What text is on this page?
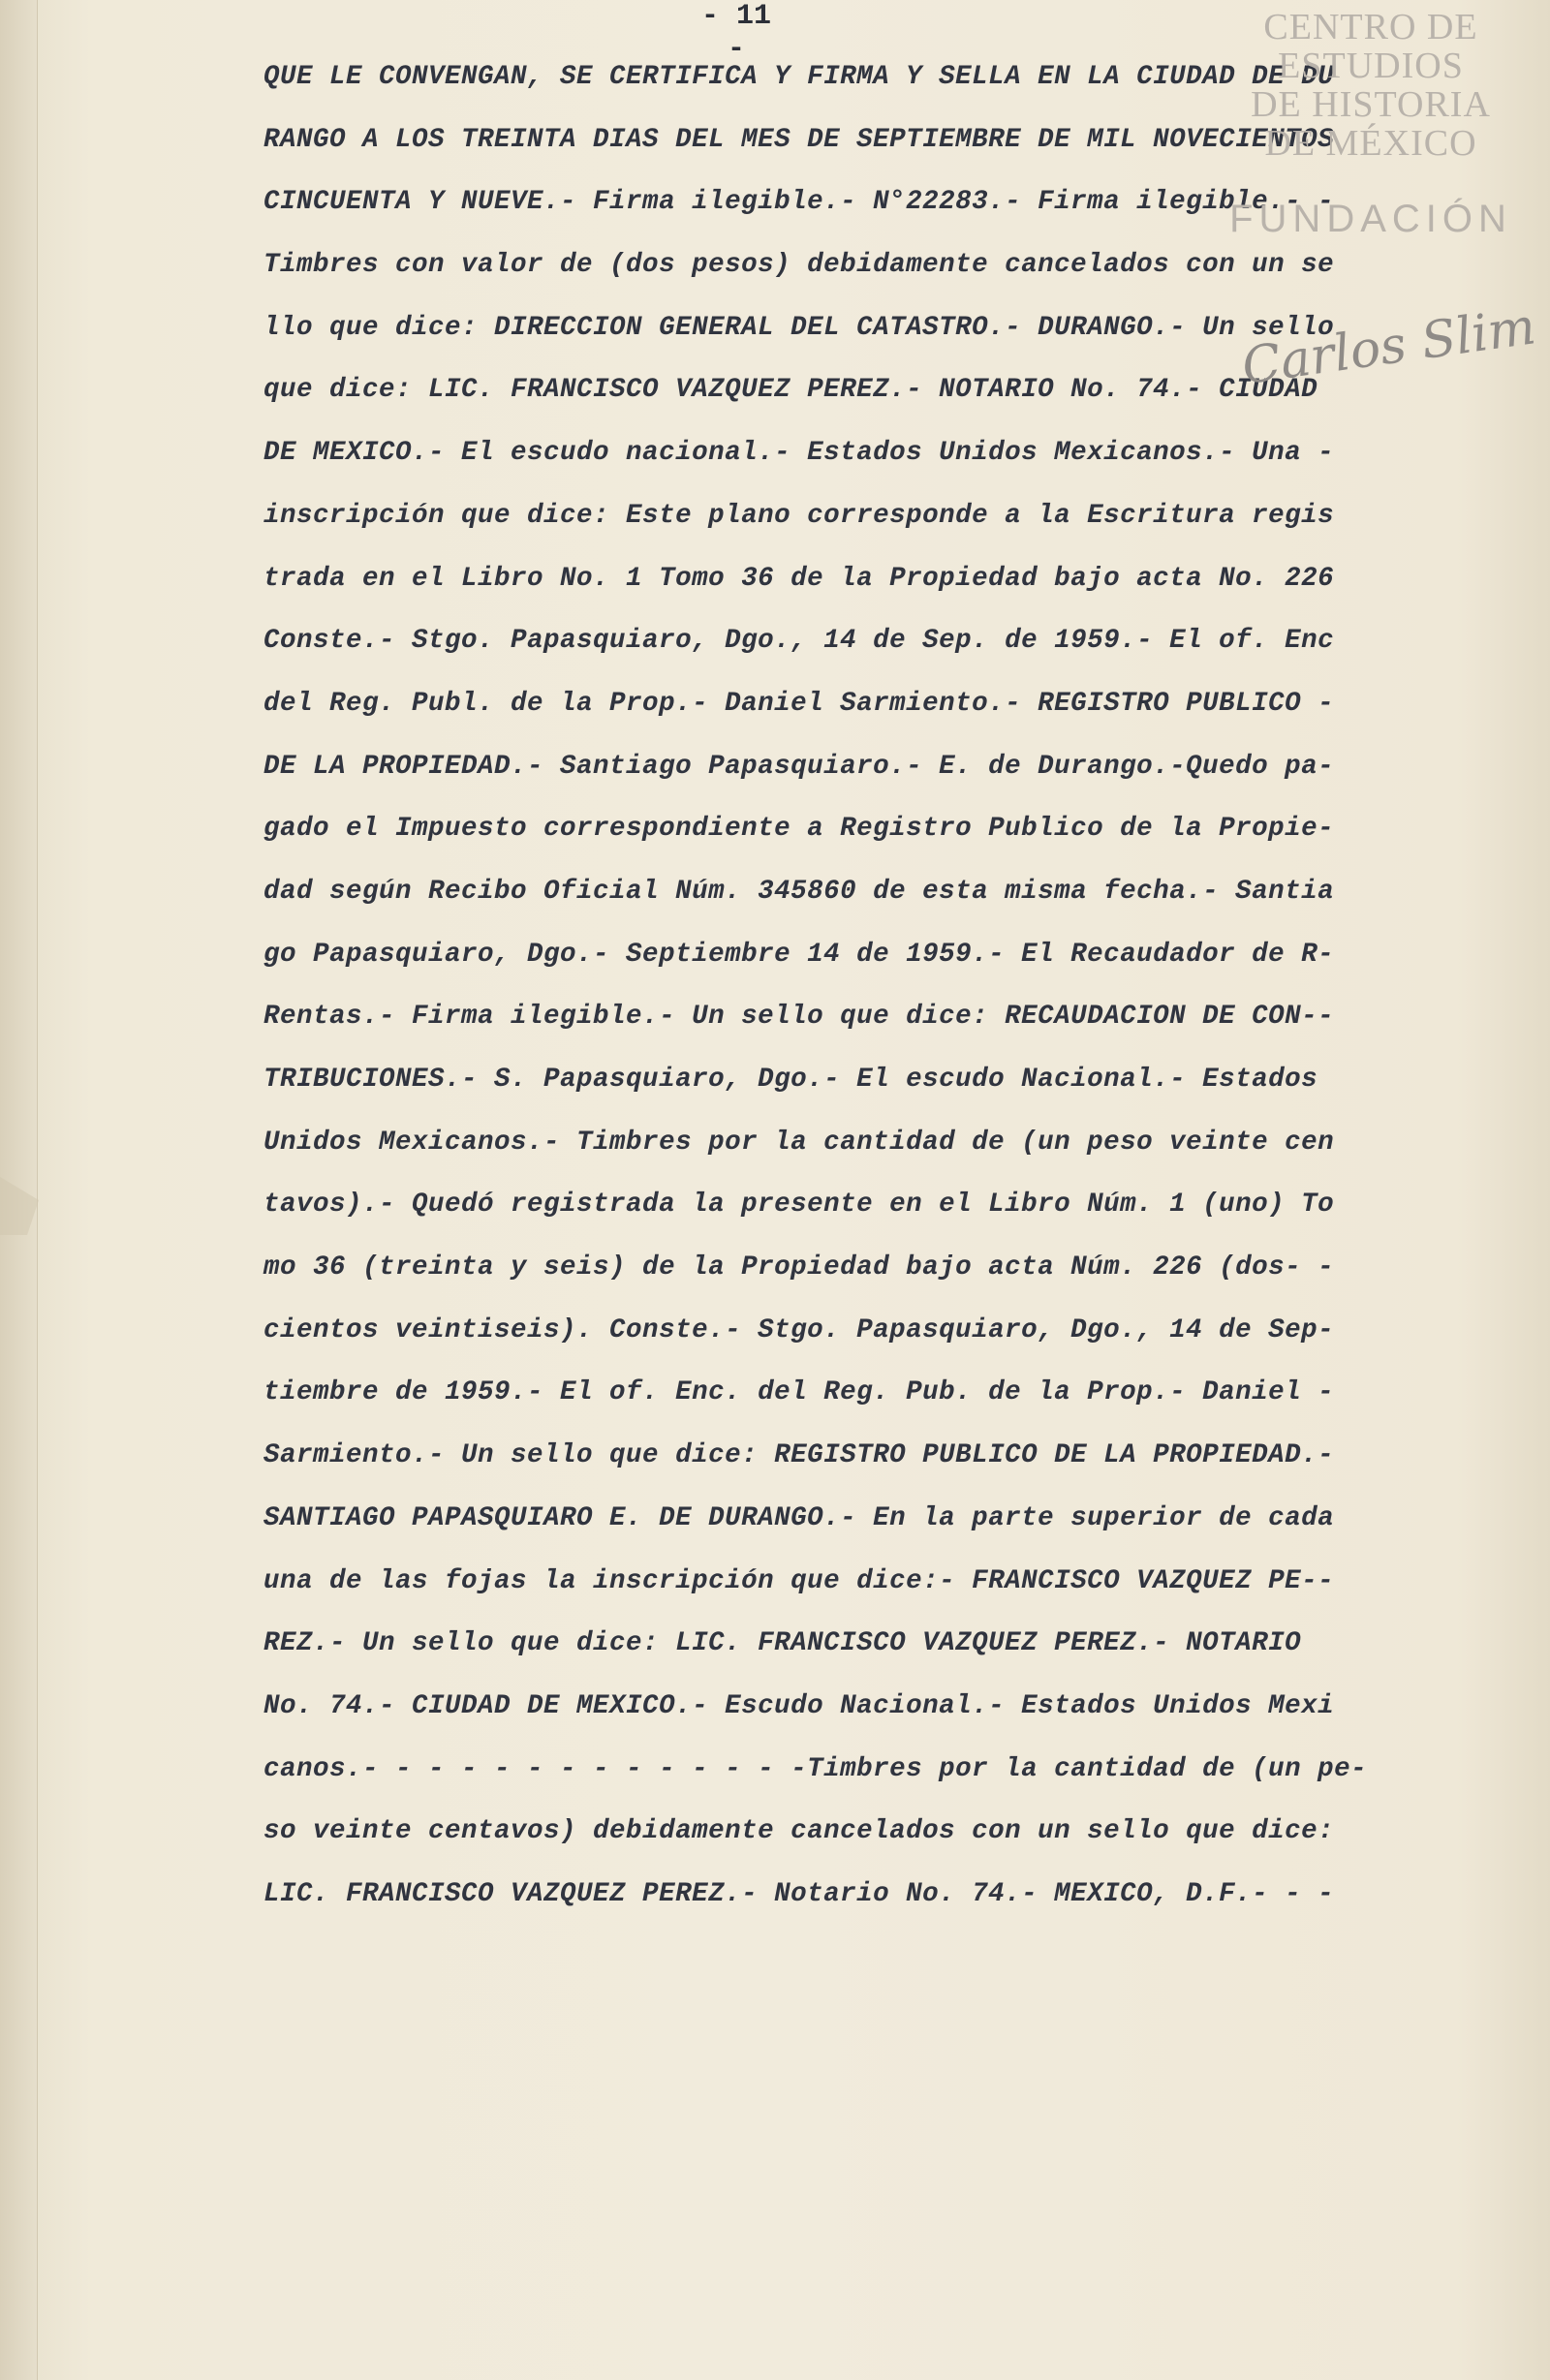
- 11 -
QUE LE CONVENGAN, SE CERTIFICA Y FIRMA Y SELLA EN LA CIUDAD DE DU
RANGO A LOS TREINTA DIAS DEL MES DE SEPTIEMBRE DE MIL NOVECIENTOS
CINCUENTA Y NUEVE.- Firma ilegible.- N°22283.- Firma ilegible.- -
Timbres con valor de (dos pesos) debidamente cancelados con un se
llo que dice: DIRECCION GENERAL DEL CATASTRO.- DURANGO.- Un sello
que dice: LIC. FRANCISCO VAZQUEZ PEREZ.- NOTARIO No. 74.- CIUDAD
DE MEXICO.- El escudo nacional.- Estados Unidos Mexicanos.- Una -
inscripción que dice: Este plano corresponde a la Escritura regis
trada en el Libro No. 1 Tomo 36 de la Propiedad bajo acta No. 226
Conste.- Stgo. Papasquiaro, Dgo., 14 de Sep. de 1959.- El of. Enc
del Reg. Publ. de la Prop.- Daniel Sarmiento.- REGISTRO PUBLICO -
DE LA PROPIEDAD.- Santiago Papasquiaro.- E. de Durango.-Quedo pa-
gado el Impuesto correspondiente a Registro Publico de la Propie-
dad según Recibo Oficial Núm. 345860 de esta misma fecha.- Santia
go Papasquiaro, Dgo.- Septiembre 14 de 1959.- El Recaudador de R-
Rentas.- Firma ilegible.- Un sello que dice: RECAUDACION DE CON--
TRIBUCIONES.- S. Papasquiaro, Dgo.- El escudo Nacional.- Estados
Unidos Mexicanos.- Timbres por la cantidad de (un peso veinte cen
tavos).- Quedó registrada la presente en el Libro Núm. 1 (uno) To
mo 36 (treinta y seis) de la Propiedad bajo acta Núm. 226 (dos- -
cientos veintiseis). Conste.- Stgo. Papasquiaro, Dgo., 14 de Sep-
tiembre de 1959.- El of. Enc. del Reg. Pub. de la Prop.- Daniel -
Sarmiento.- Un sello que dice: REGISTRO PUBLICO DE LA PROPIEDAD.-
SANTIAGO PAPASQUIARO E. DE DURANGO.- En la parte superior de cada
una de las fojas la inscripción que dice:- FRANCISCO VAZQUEZ PE--
REZ.- Un sello que dice: LIC. FRANCISCO VAZQUEZ PEREZ.- NOTARIO
No. 74.- CIUDAD DE MEXICO.- Escudo Nacional.- Estados Unidos Mexi
canos.- - - - - - - - - - - - - -Timbres por la cantidad de (un pe-
so veinte centavos) debidamente cancelados con un sello que dice:
LIC. FRANCISCO VAZQUEZ PEREZ.- Notario No. 74.- MEXICO, D.F.- - -
CENTRO DE
ESTUDIOS
DE HISTORIA
DE MÉXICO
FUNDACIÓN
Carlos Slim
